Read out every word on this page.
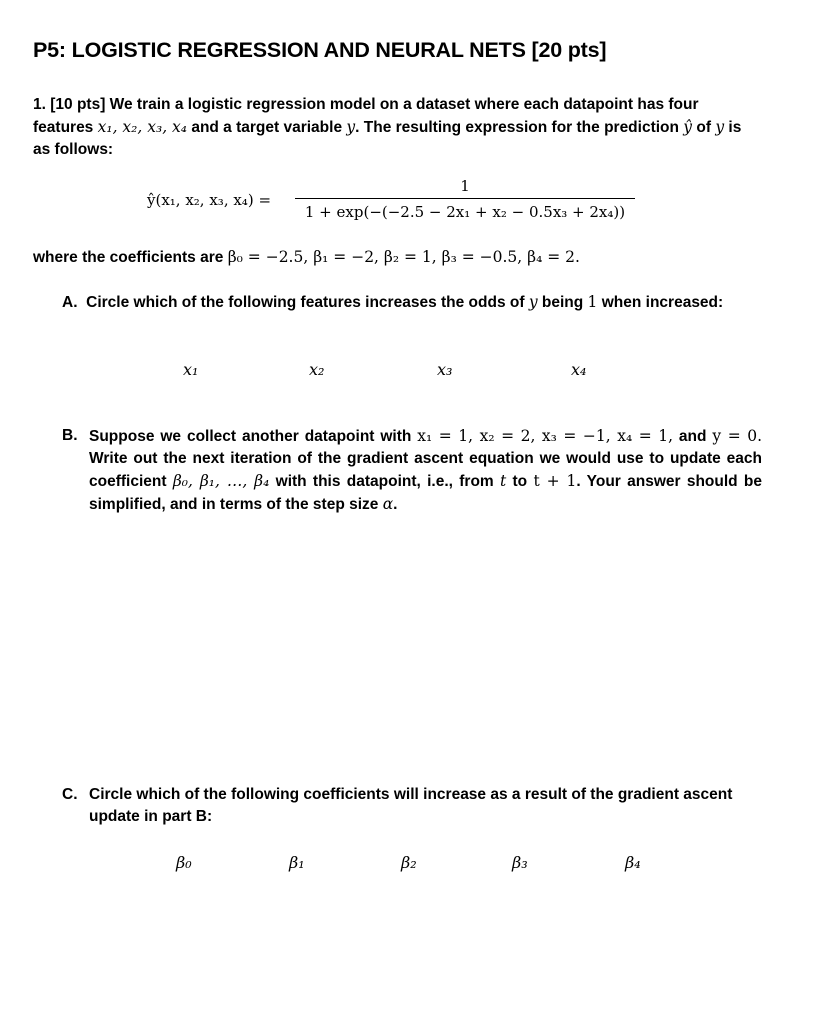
P5: LOGISTIC REGRESSION AND NEURAL NETS [20 pts]
1. [10 pts] We train a logistic regression model on a dataset where each datapoint has four features x₁, x₂, x₃, x₄ and a target variable y. The resulting expression for the prediction ŷ of y is as follows:
ŷ(x₁, x₂, x₃, x₄) =
1
1 + exp(−(−2.5 − 2x₁ + x₂ − 0.5x₃ + 2x₄))
where the coefficients are β₀ = −2.5, β₁ = −2, β₂ = 1, β₃ = −0.5, β₄ = 2.
A. Circle which of the following features increases the odds of y being 1 when increased:
x₁	x₂	x₃	x₄
B. Suppose we collect another datapoint with x₁ = 1, x₂ = 2, x₃ = −1, x₄ = 1, and y = 0. Write out the next iteration of the gradient ascent equation we would use to update each coefficient β₀, β₁, …, β₄ with this datapoint, i.e., from t to t + 1. Your answer should be simplified, and in terms of the step size α.
C. Circle which of the following coefficients will increase as a result of the gradient ascent update in part B:
β₀	β₁	β₂	β₃	β₄
